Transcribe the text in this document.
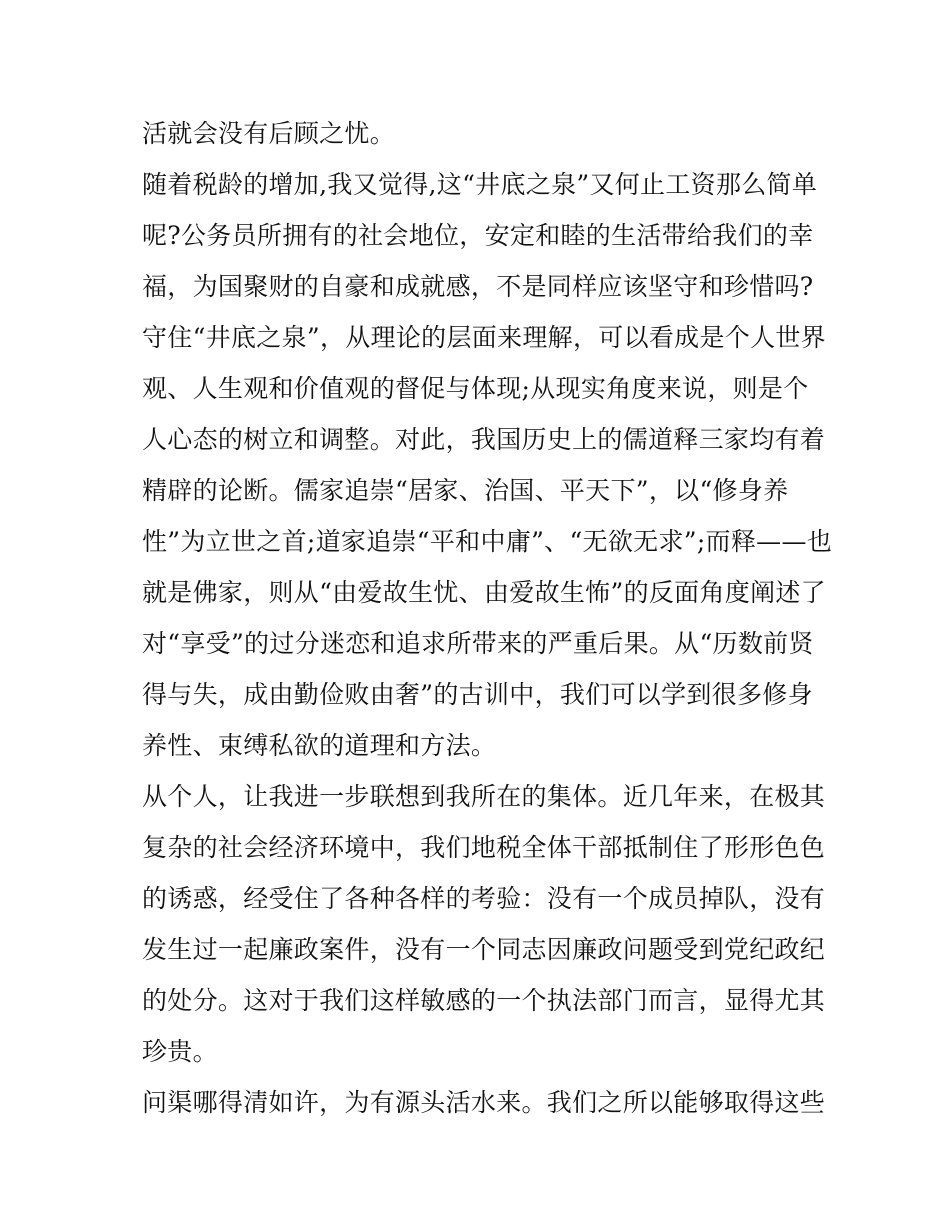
活就会没有后顾之忧。
随着税龄的增加,我又觉得,这“井底之泉”又何止工资那么简单
呢?公务员所拥有的社会地位，安定和睦的生活带给我们的幸
福，为国聚财的自豪和成就感，不是同样应该坚守和珍惜吗?
守住“井底之泉”，从理论的层面来理解，可以看成是个人世界
观、人生观和价值观的督促与体现;从现实角度来说，则是个
人心态的树立和调整。对此，我国历史上的儒道释三家均有着
精辟的论断。儒家追崇“居家、治国、平天下”，以“修身养
性”为立世之首;道家追崇“平和中庸”、“无欲无求”;而释——也
就是佛家，则从“由爱故生忧、由爱故生怖”的反面角度阐述了
对“享受”的过分迷恋和追求所带来的严重后果。从“历数前贤
得与失，成由勤俭败由奢”的古训中，我们可以学到很多修身
养性、束缚私欲的道理和方法。
从个人，让我进一步联想到我所在的集体。近几年来，在极其
复杂的社会经济环境中，我们地税全体干部抵制住了形形色色
的诱惑，经受住了各种各样的考验：没有一个成员掉队，没有
发生过一起廉政案件，没有一个同志因廉政问题受到党纪政纪
的处分。这对于我们这样敏感的一个执法部门而言，显得尤其
珍贵。
问渠哪得清如许，为有源头活水来。我们之所以能够取得这些
